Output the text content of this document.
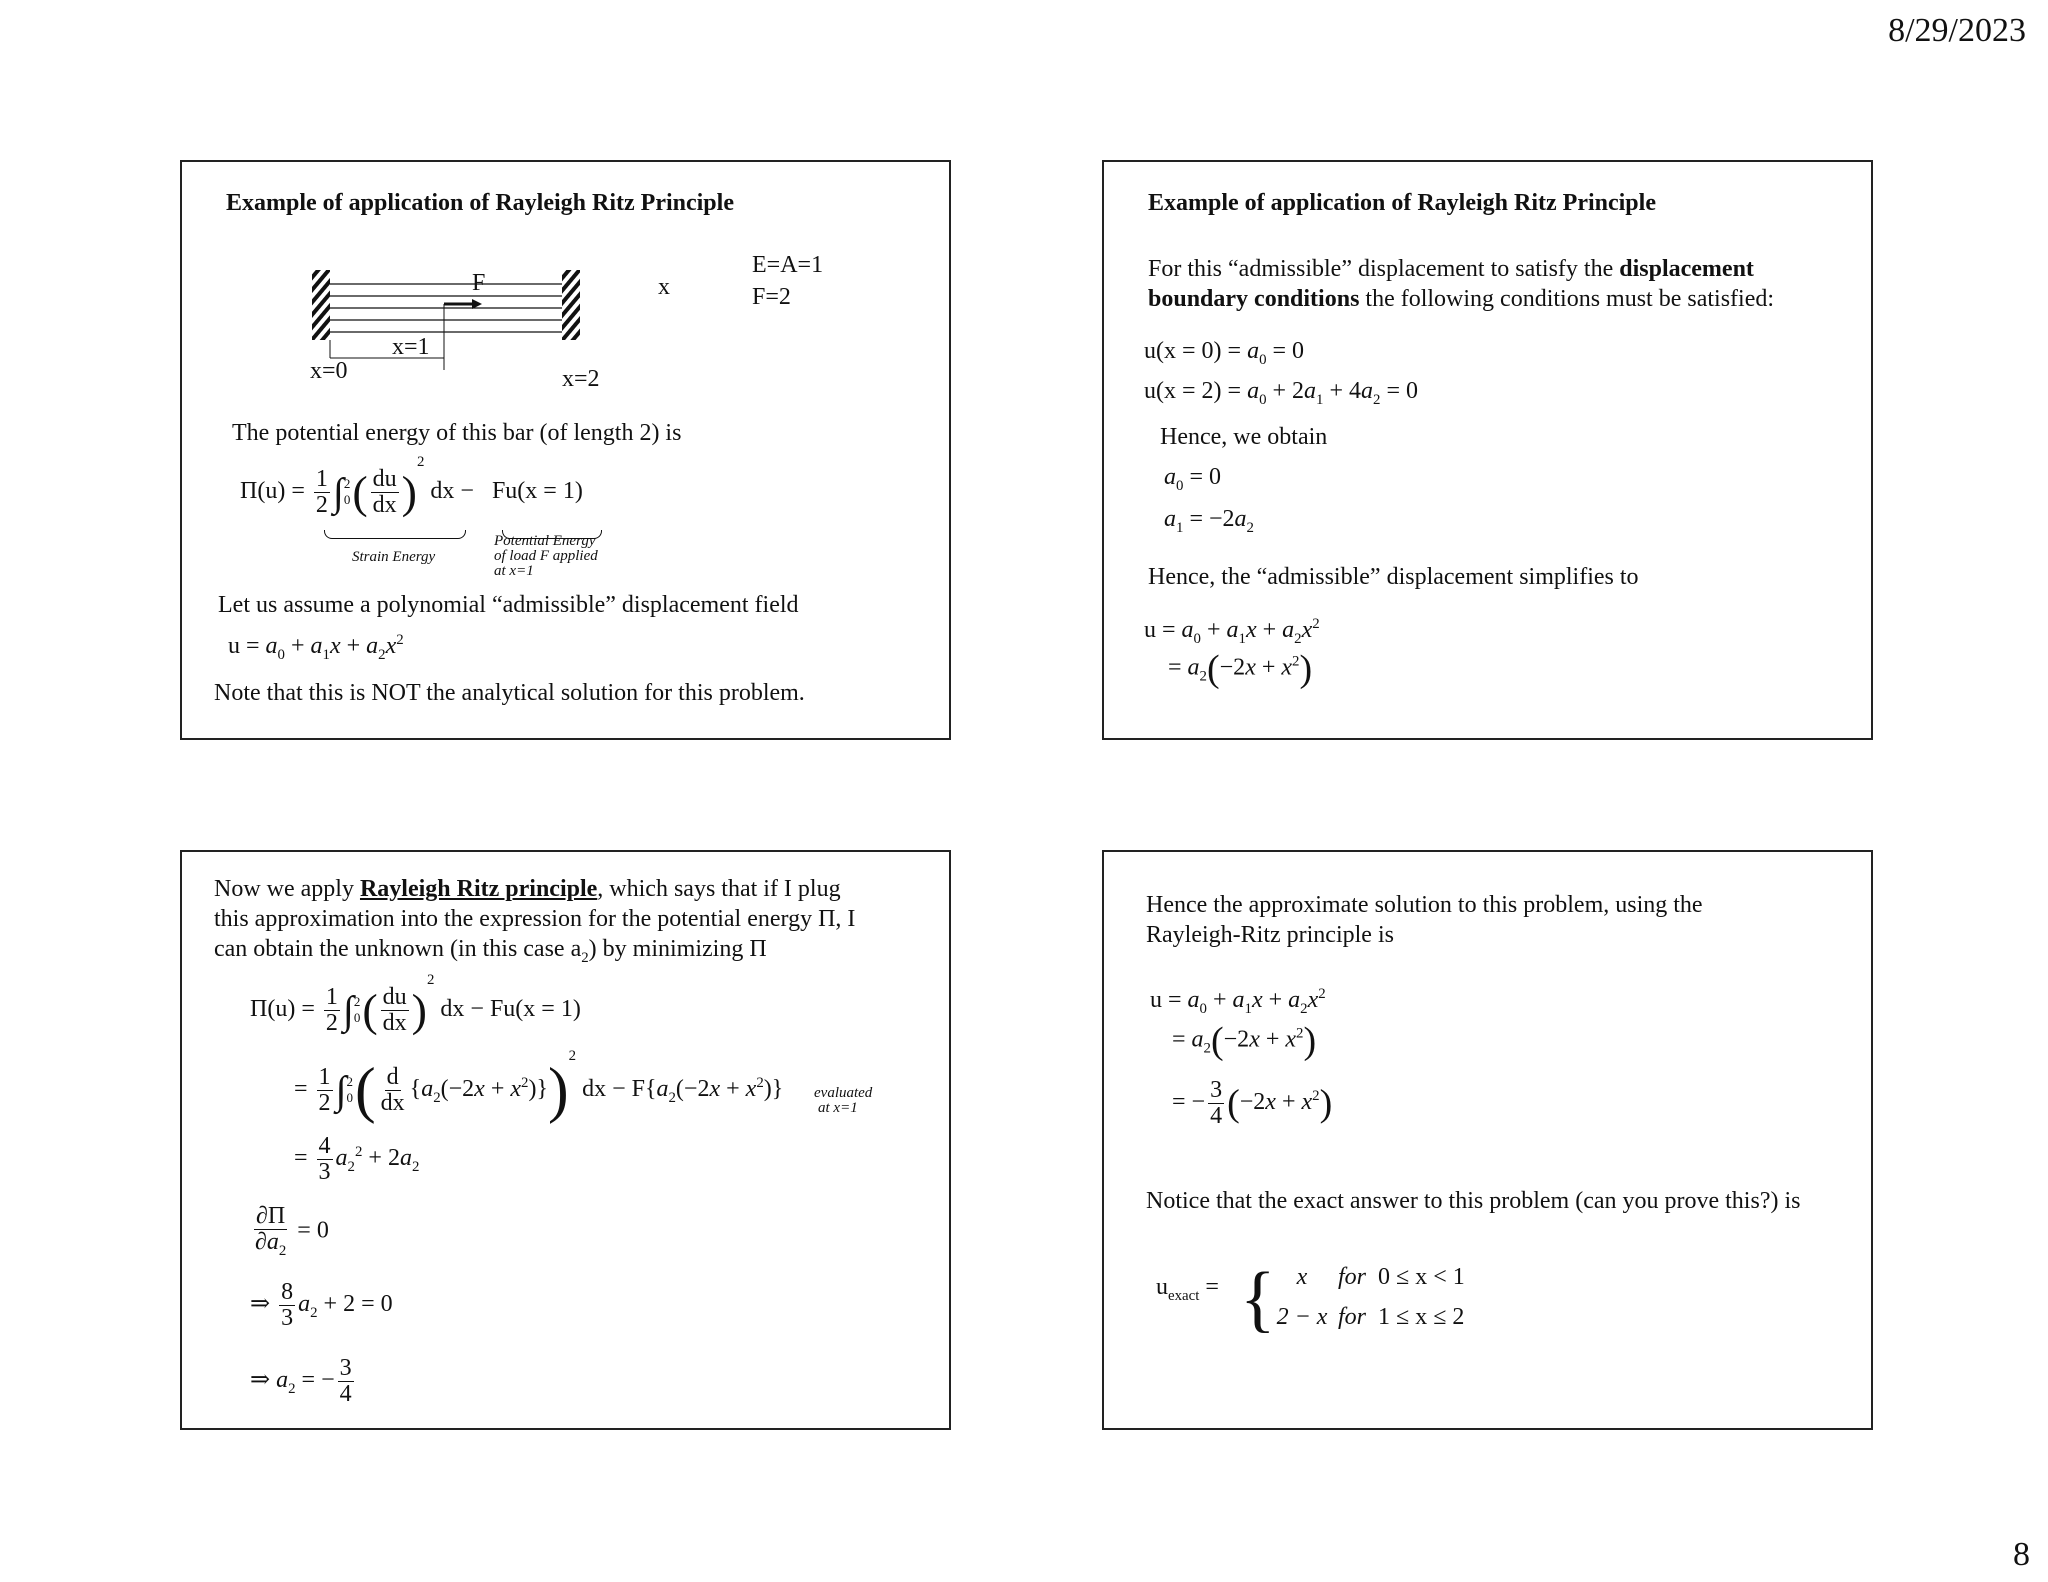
8/29/2023
8
Example of application of Rayleigh Ritz Principle
F	x
x=1
x=0	x=2
E=A=1
F=2
The potential energy of this bar (of length 2) is
$\Pi(u) = \frac{1}{2}$ ∫ 2
0 ( $\frac{du}{dx} )^2$ dx −   Fu(x = 1)
Strain Energy
Potential Energy
of load F applied
at x=1
Let us assume a polynomial “admissible” displacement field
$u = a_0 + a_1x + a_2x^2$
Note that this is NOT the analytical solution for this problem.
Example of application of Rayleigh Ritz Principle
For this “admissible” displacement to satisfy the displacement
boundary conditions the following conditions must be satisfied:
$u(x = 0) = a_0 = 0$
$u(x = 2) = a_0 + 2a_1 + 4a_2 = 0$
Hence, we obtain
$a_0 = 0$
$a_1 = -2a_2$
Hence, the “admissible” displacement simplifies to
$u = a_0 + a_1x + a_2x^2$
= $a_2(-2x + x^2)$
Now we apply Rayleigh Ritz principle, which says that if I plug
this approximation into the expression for the potential energy Π, I
can obtain the unknown (in this case $a_2$) by minimizing Π
$\Pi(u) = \frac{1}{2}$ ∫ 2
0 ( $\frac{du}{dx} )^2$ dx − Fu(x = 1)
= $\frac{1}{2}$ ∫ 2
0 ( $\frac{d}{dx} \{a_2(-2x + x^2)\})^2$ dx − $F\{a_2(-2x + x^2)\}$ evaluated
at x=1
= $\frac{4}{3} a_2^2 + 2a_2$
$\frac{\partial\Pi}{\partial a_2} = 0$
⇒ $\frac{8}{3} a_2 + 2 = 0$
⇒ $a_2$ = − $\frac{3}{4}$
Hence the approximate solution to this problem, using the
Rayleigh-Ritz principle is
$u = a_0 + a_1x + a_2x^2$
= $a_2(-2x + x^2)$
= − $\frac{3}{4} (-2x + x^2)$
Notice that the exact answer to this problem (can you prove this?) is
$u_{exact}$ = { x for 0 ≤ x < 1
2 − x for 1 ≤ x ≤ 2
